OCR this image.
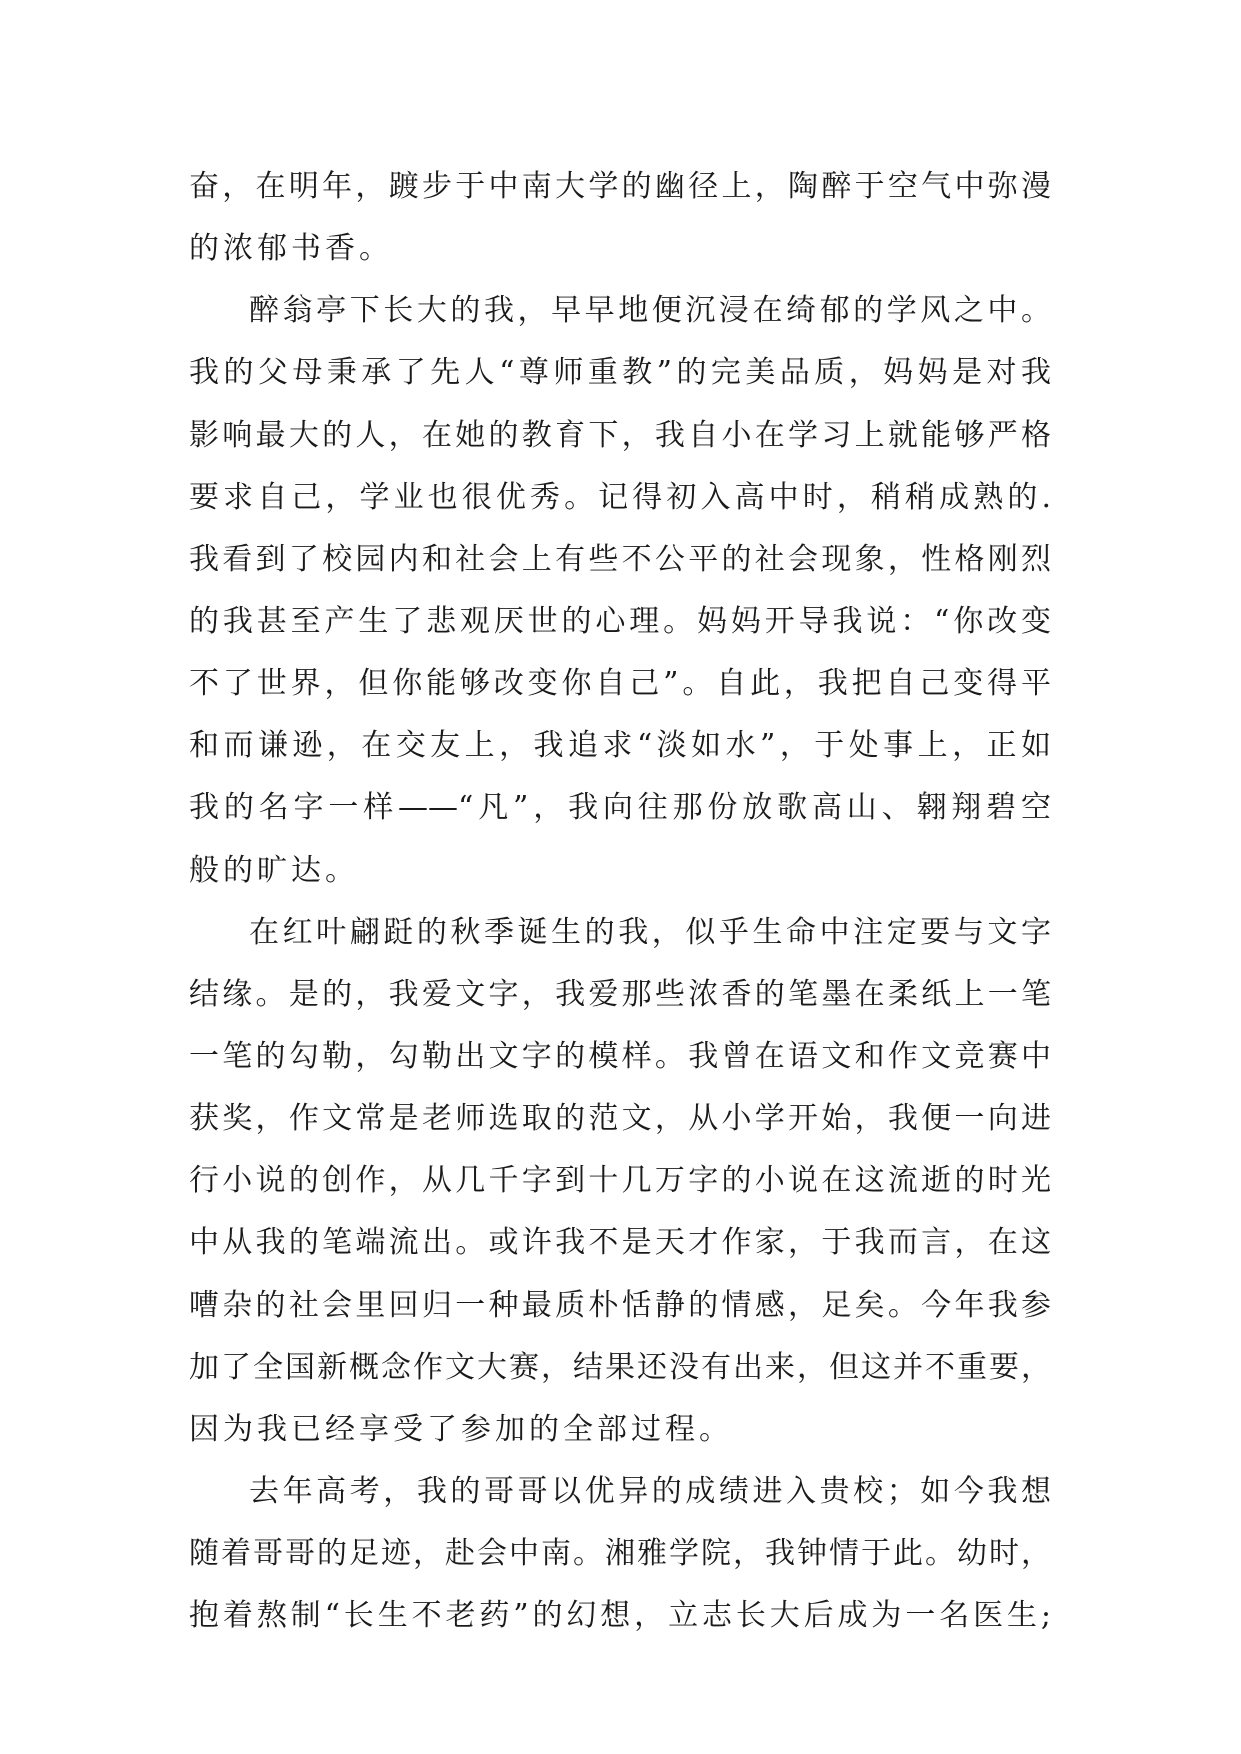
奋，在明年，踱步于中南大学的幽径上，陶醉于空气中弥漫
的浓郁书香。
醉翁亭下长大的我，早早地便沉浸在绮郁的学风之中。
我的父母秉承了先人“尊师重教”的完美品质，妈妈是对我
影响最大的人，在她的教育下，我自小在学习上就能够严格
要求自己，学业也很优秀。记得初入高中时，稍稍成熟的.
我看到了校园内和社会上有些不公平的社会现象，性格刚烈
的我甚至产生了悲观厌世的心理。妈妈开导我说：“你改变
不了世界，但你能够改变你自己”。自此，我把自己变得平
和而谦逊，在交友上，我追求“淡如水”，于处事上，正如
我的名字一样——“凡”，我向往那份放歌高山、翱翔碧空
般的旷达。
在红叶翩跹的秋季诞生的我，似乎生命中注定要与文字
结缘。是的，我爱文字，我爱那些浓香的笔墨在柔纸上一笔
一笔的勾勒，勾勒出文字的模样。我曾在语文和作文竞赛中
获奖，作文常是老师选取的范文，从小学开始，我便一向进
行小说的创作，从几千字到十几万字的小说在这流逝的时光
中从我的笔端流出。或许我不是天才作家，于我而言，在这
嘈杂的社会里回归一种最质朴恬静的情感，足矣。今年我参
加了全国新概念作文大赛，结果还没有出来，但这并不重要，
因为我已经享受了参加的全部过程。
去年高考，我的哥哥以优异的成绩进入贵校；如今我想
随着哥哥的足迹，赴会中南。湘雅学院，我钟情于此。幼时，
抱着熬制“长生不老药”的幻想，立志长大后成为一名医生;
